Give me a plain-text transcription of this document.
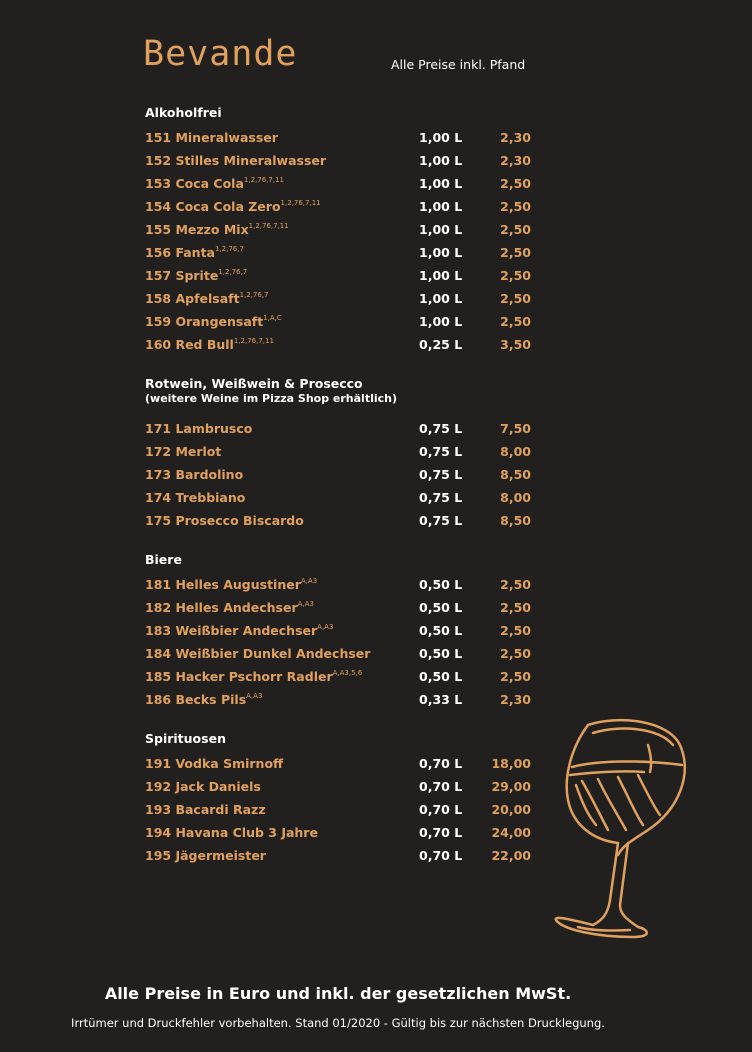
Bevande	Alle Preise inkl. Pfand
Alkoholfrei
151 Mineralwasser	1,00 L	2,30
152 Stilles Mineralwasser	1,00 L	2,30
153 Coca Cola$^{1,2,76,7,11}$	1,00 L	2,50
154 Coca Cola Zero$^{1,2,76,7,11}$	1,00 L	2,50
155 Mezzo Mix$^{1,2,76,7,11}$	1,00 L	2,50
156 Fanta$^{1,2,76,7}$	1,00 L	2,50
157 Sprite$^{1,2,76,7}$	1,00 L	2,50
158 Apfelsaft$^{1,2,76,7}$	1,00 L	2,50
159 Orangensaft$^{1,A,C}$	1,00 L	2,50
160 Red Bull$^{1,2,76,7,11}$	0,25 L	3,50
Rotwein, Weißwein & Prosecco
(weitere Weine im Pizza Shop erhältlich)
171 Lambrusco	0,75 L	7,50
172 Merlot	0,75 L	8,00
173 Bardolino	0,75 L	8,50
174 Trebbiano	0,75 L	8,00
175 Prosecco Biscardo	0,75 L	8,50
Biere
181 Helles Augustiner$^{A,A3}$	0,50 L	2,50
182 Helles Andechser$^{A,A3}$	0,50 L	2,50
183 Weißbier Andechser$^{A,A3}$	0,50 L	2,50
184 Weißbier Dunkel Andechser	0,50 L	2,50
185 Hacker Pschorr Radler$^{A,A3,5,6}$	0,50 L	2,50
186 Becks Pils$^{A,A3}$	0,33 L	2,30
Spirituosen
191 Vodka Smirnoff	0,70 L 18,00
192 Jack Daniels	0,70 L 29,00
193 Bacardi Razz	0,70 L 20,00
194 Havana Club 3 Jahre	0,70 L 24,00
195 Jägermeister	0,70 L 22,00
Alle Preise in Euro und inkl. der gesetzlichen MwSt.
Irrtümer und Druckfehler vorbehalten. Stand 01/2020 - Gültig bis zur nächsten Drucklegung.
